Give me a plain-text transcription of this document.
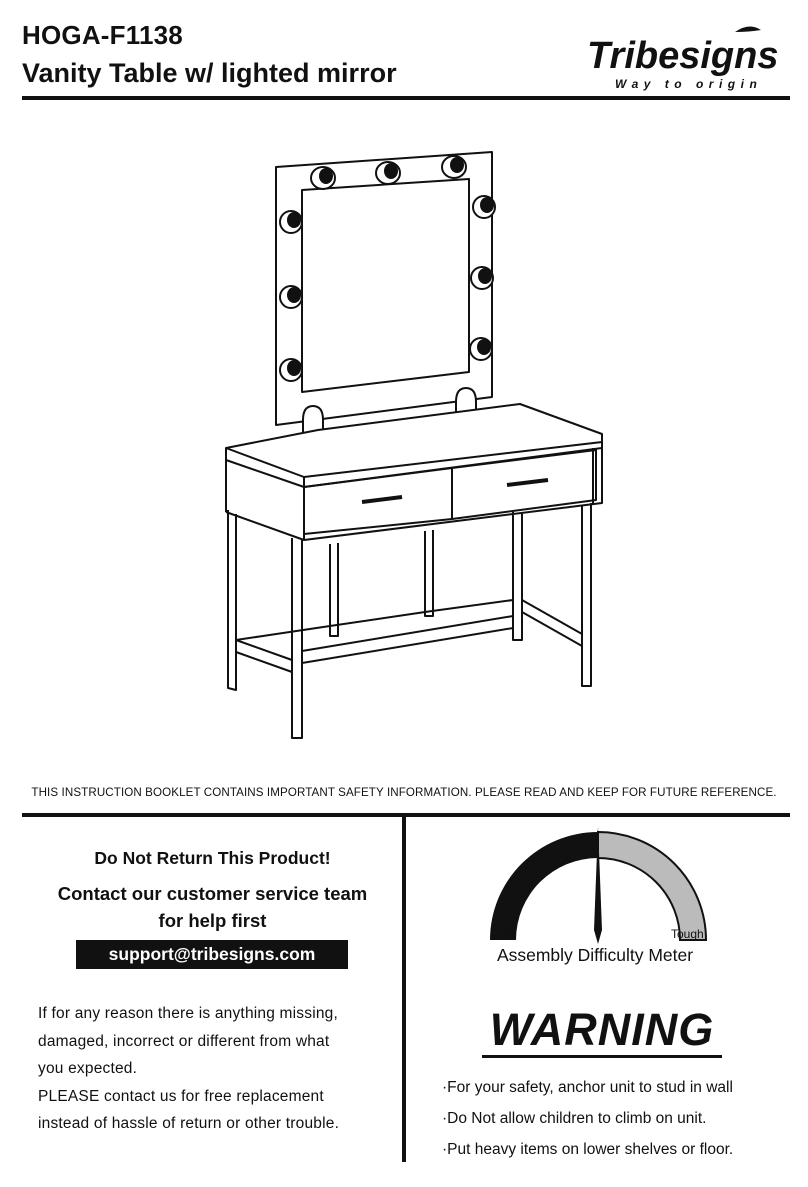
HOGA-F1138
Vanity Table w/ lighted mirror	Tribesigns
Way to origin
THIS INSTRUCTION BOOKLET CONTAINS IMPORTANT SAFETY INFORMATION. PLEASE READ AND KEEP FOR FUTURE REFERENCE.
Do Not Return This Product!
Contact our customer service team
for help first
support@tribesigns.com
If for any reason there is anything missing,
damaged, incorrect or different from what
you expected.
PLEASE contact us for free replacement
instead of hassle of return or other trouble.
Easy	Tough
Assembly Difficulty Meter
WARNING
·For your safety, anchor unit to stud in wall
·Do Not allow children to climb on unit.
·Put heavy items on lower shelves or floor.
